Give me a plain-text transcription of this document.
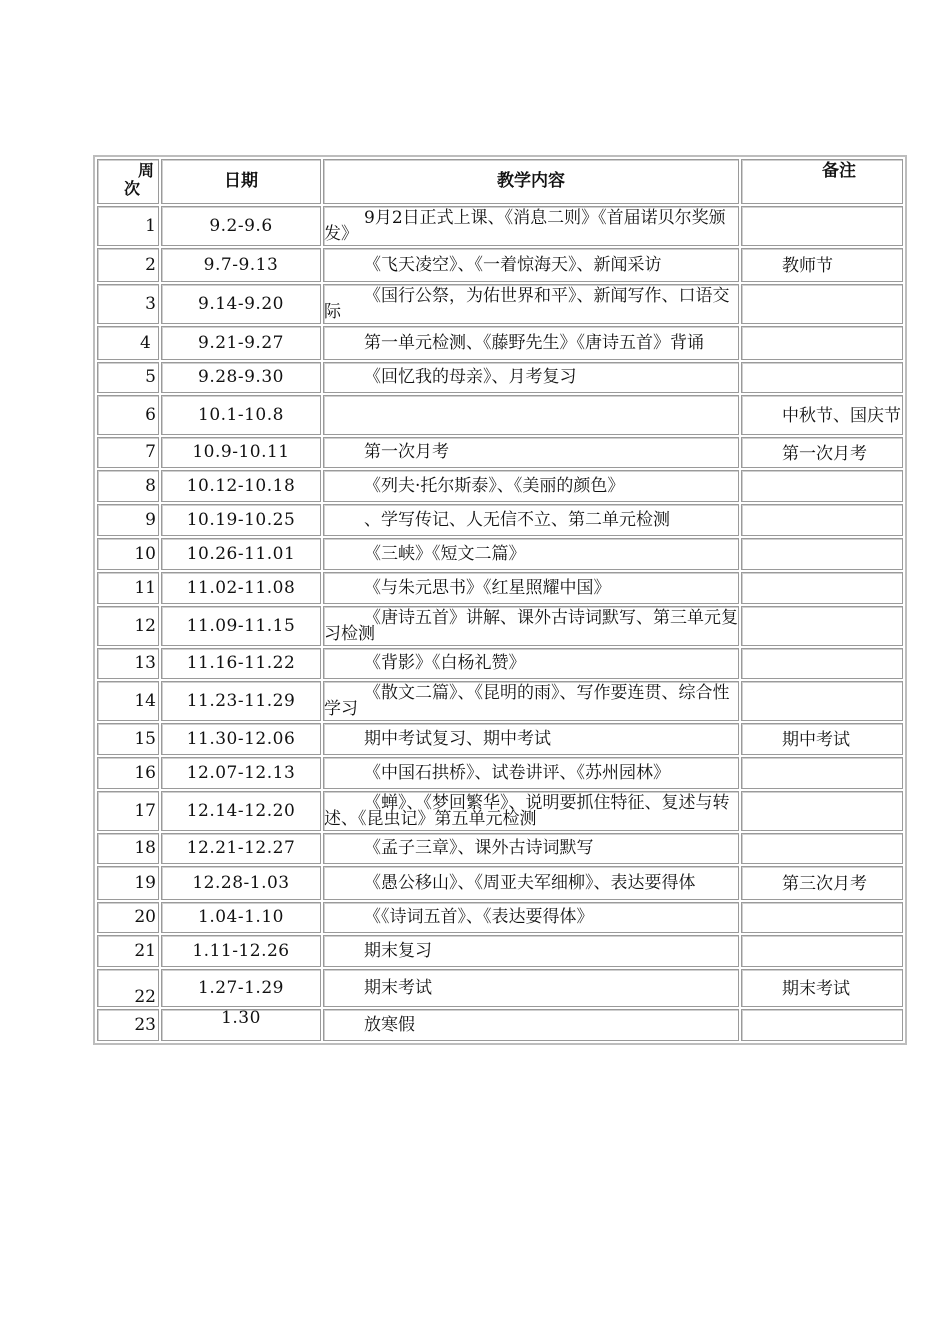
周
次	日期	教学内容	备注
1	9.2-9.6	9月2日正式上课、《消息二则》《首届诺贝尔奖颁发》	
2	9.7-9.13	《飞天凌空》、《一着惊海天》、新闻采访	教师节
3	9.14-9.20	《国行公祭，为佑世界和平》、新闻写作、口语交际	
4	9.21-9.27	第一单元检测、《藤野先生》《唐诗五首》背诵	
5	9.28-9.30	《回忆我的母亲》、月考复习	
6	10.1-10.8		中秋节、国庆节
7	10.9-10.11	第一次月考	第一次月考
8	10.12-10.18	《列夫·托尔斯泰》、《美丽的颜色》	
9	10.19-10.25	、学写传记、人无信不立、第二单元检测	
10	10.26-11.01	《三峡》《短文二篇》	
11	11.02-11.08	《与朱元思书》《红星照耀中国》	
12	11.09-11.15	《唐诗五首》讲解、课外古诗词默写、第三单元复习检测	
13	11.16-11.22	《背影》《白杨礼赞》	
14	11.23-11.29	《散文二篇》、《昆明的雨》、写作要连贯、综合性学习	
15	11.30-12.06	期中考试复习、期中考试	期中考试
16	12.07-12.13	《中国石拱桥》、试卷讲评、《苏州园林》	
17	12.14-12.20	《蝉》、《梦回繁华》、说明要抓住特征、复述与转述、《昆虫记》第五单元检测	
18	12.21-12.27	《孟子三章》、课外古诗词默写	
19	12.28-1.03	《愚公移山》、《周亚夫军细柳》、表达要得体	第三次月考
20	1.04-1.10	《《诗词五首》、《表达要得体》	
21	1.11-12.26	期末复习	
22	1.27-1.29	期末考试	期末考试
23	1.30	放寒假	
